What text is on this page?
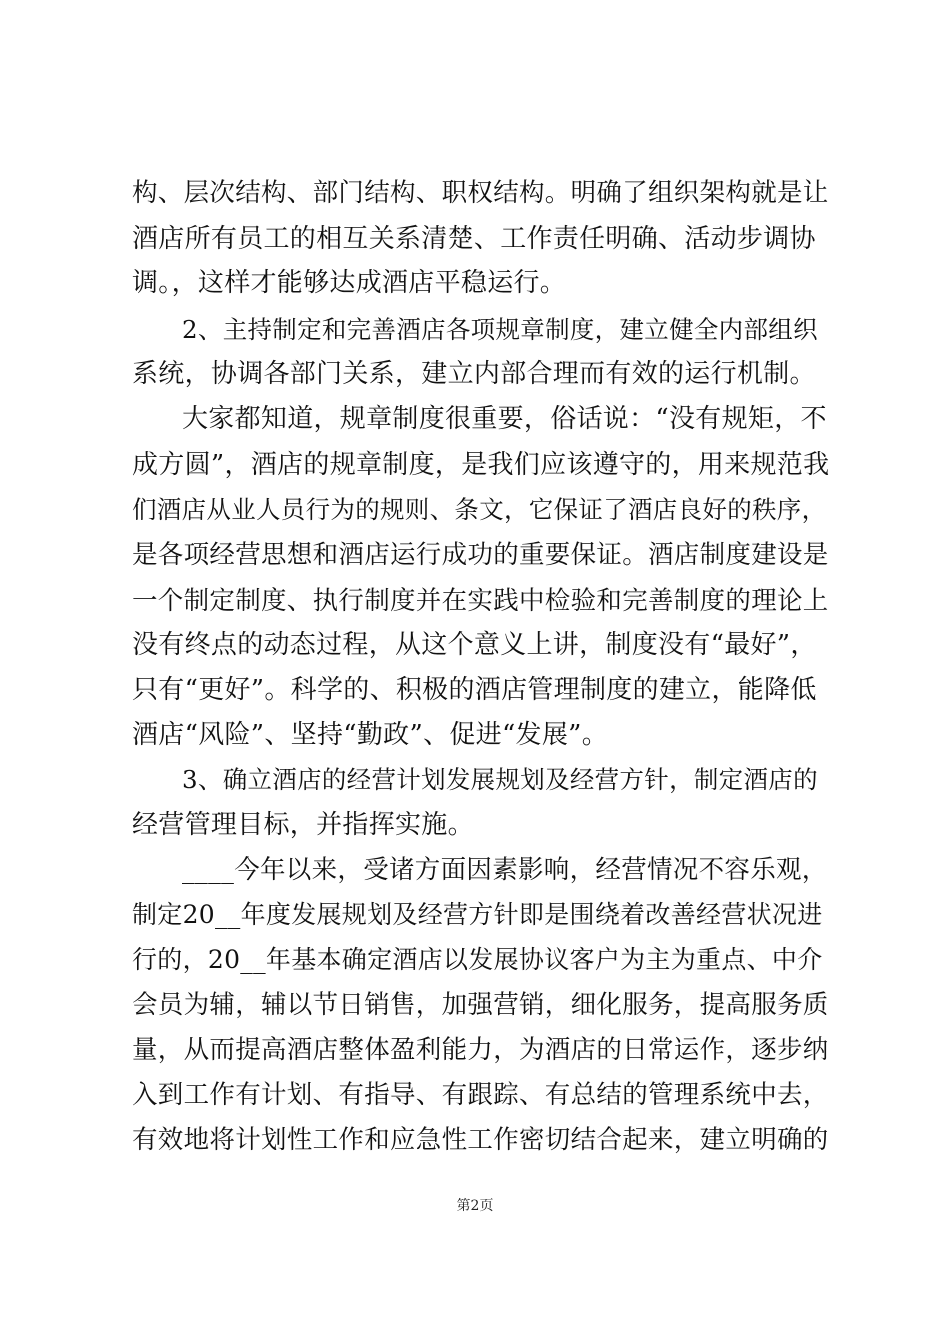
构、层次结构、部门结构、职权结构。明确了组织架构就是让
酒店所有员工的相互关系清楚、工作责任明确、活动步调协
调。，这样才能够达成酒店平稳运行。
2、主持制定和完善酒店各项规章制度，建立健全内部组织
系统，协调各部门关系，建立内部合理而有效的运行机制。
大家都知道，规章制度很重要，俗话说：“没有规矩，不
成方圆”，酒店的规章制度，是我们应该遵守的，用来规范我
们酒店从业人员行为的规则、条文，它保证了酒店良好的秩序，
是各项经营思想和酒店运行成功的重要保证。酒店制度建设是
一个制定制度、执行制度并在实践中检验和完善制度的理论上
没有终点的动态过程，从这个意义上讲，制度没有“最好”，
只有“更好”。科学的、积极的酒店管理制度的建立，能降低
酒店“风险”、坚持“勤政”、促进“发展”。
3、确立酒店的经营计划发展规划及经营方针，制定酒店的
经营管理目标，并指挥实施。
____今年以来，受诸方面因素影响，经营情况不容乐观，
制定20__年度发展规划及经营方针即是围绕着改善经营状况进
行的，20__年基本确定酒店以发展协议客户为主为重点、中介
会员为辅，辅以节日销售，加强营销，细化服务，提高服务质
量，从而提高酒店整体盈利能力，为酒店的日常运作，逐步纳
入到工作有计划、有指导、有跟踪、有总结的管理系统中去，
有效地将计划性工作和应急性工作密切结合起来，建立明确的
第2页
